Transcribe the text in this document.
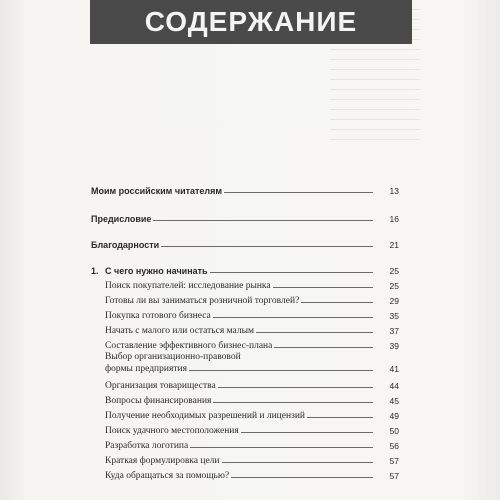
СОДЕРЖАНИЕ
Моим российским читателям	13
Предисловие	16
Благодарности	21
1. С чего нужно начинать	25
Поиск покупателей: исследование рынка	25
Готовы ли вы заниматься розничной торговлей?	29
Покупка готового бизнеса	35
Начать с малого или остаться малым	37
Составление эффективного бизнес-плана	39
Выбор организационно-правовой
формы предприятия	41
Организация товарищества	44
Вопросы финансирования	45
Получение необходимых разрешений и лицензий	49
Поиск удачного местоположения	50
Разработка логотипа	56
Краткая формулировка цели	57
Куда обращаться за помощью?	57
